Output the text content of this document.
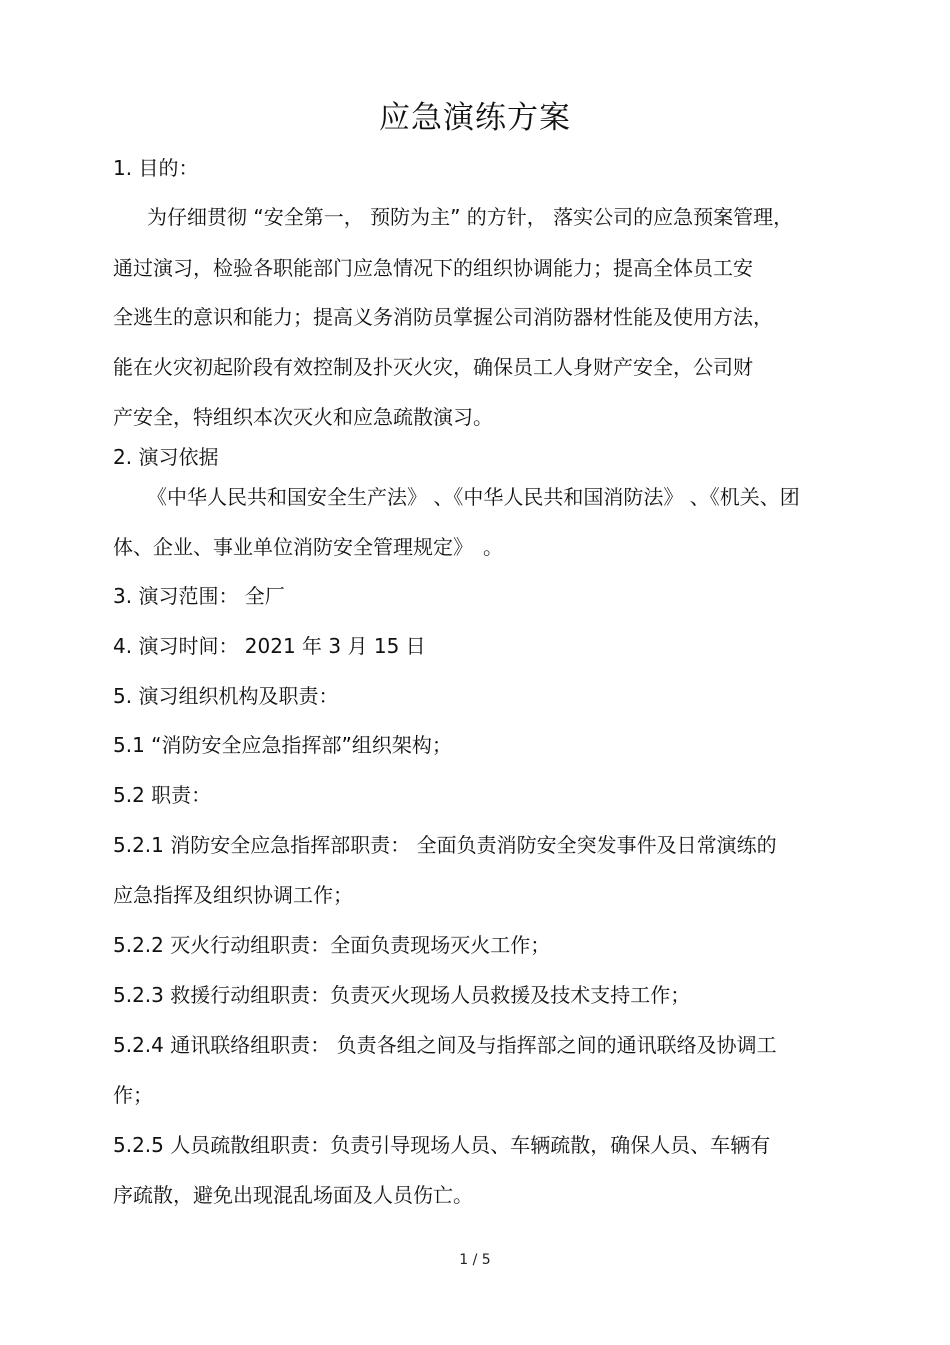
应急演练方案
1. 目的：
为仔细贯彻 “安全第一， 预防为主” 的方针， 落实公司的应急预案管理，
通过演习，检验各职能部门应急情况下的组织协调能力；提高全体员工安
全逃生的意识和能力；提高义务消防员掌握公司消防器材性能及使用方法，
能在火灾初起阶段有效控制及扑灭火灾，确保员工人身财产安全，公司财
产安全，特组织本次灭火和应急疏散演习。
2. 演习依据
《中华人民共和国安全生产法》 、《中华人民共和国消防法》 、《机关、团
体、企业、事业单位消防安全管理规定》　。
3. 演习范围： 全厂
4. 演习时间： 2021 年 3 月 15 日
5. 演习组织机构及职责：
5.1 “消防安全应急指挥部”组织架构；
5.2 职责：
5.2.1 消防安全应急指挥部职责： 全面负责消防安全突发事件及日常演练的
应急指挥及组织协调工作；
5.2.2 灭火行动组职责：全面负责现场灭火工作；
5.2.3 救援行动组职责：负责灭火现场人员救援及技术支持工作；
5.2.4 通讯联络组职责： 负责各组之间及与指挥部之间的通讯联络及协调工
作；
5.2.5 人员疏散组职责：负责引导现场人员、车辆疏散，确保人员、车辆有
序疏散，避免出现混乱场面及人员伤亡。
1 / 5
